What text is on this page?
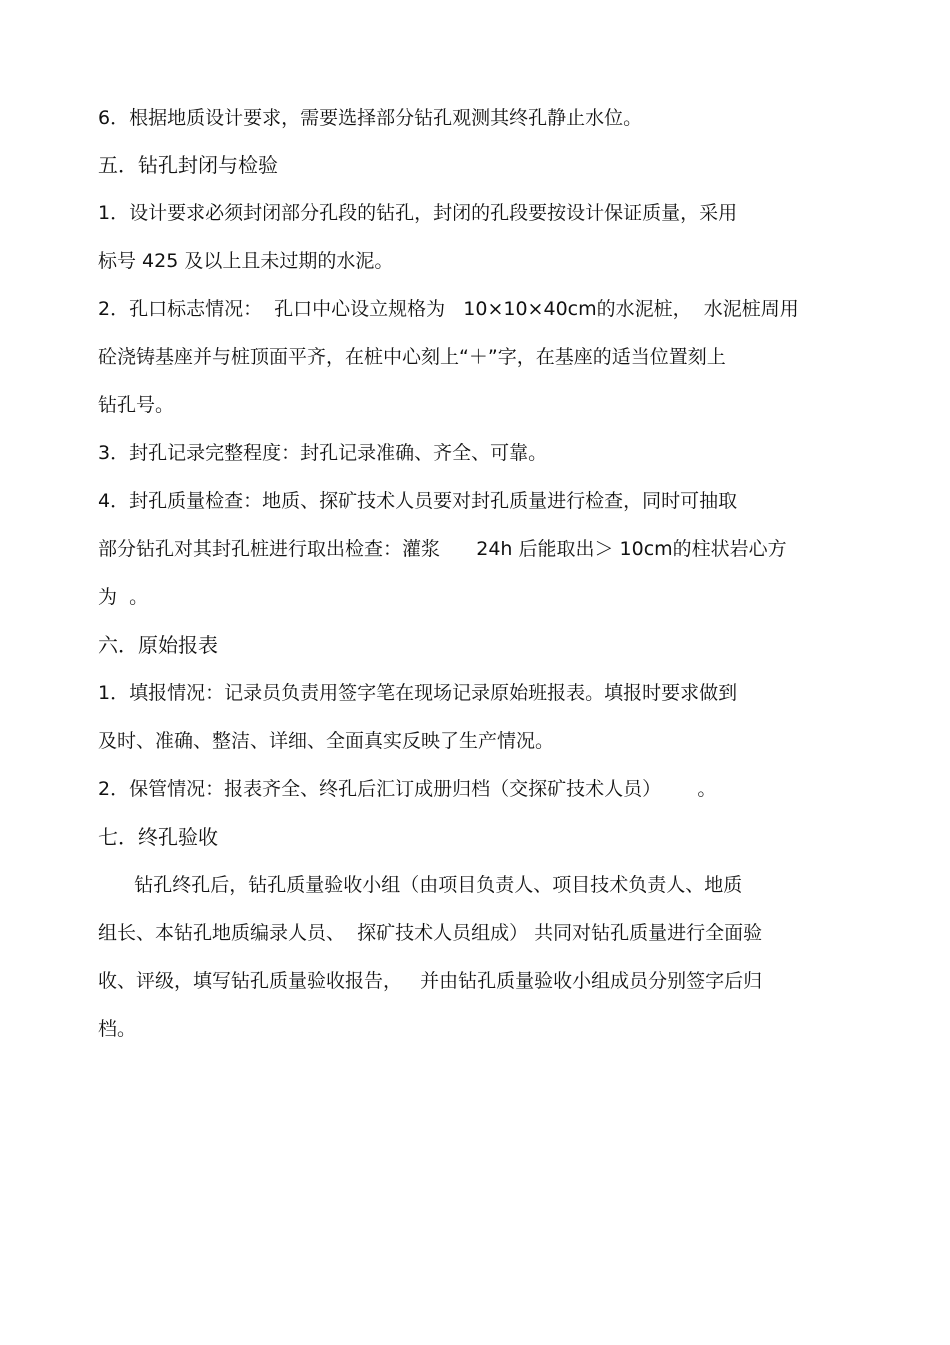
6．根据地质设计要求，需要选择部分钻孔观测其终孔静止水位。
五．钻孔封闭与检验
1．设计要求必须封闭部分孔段的钻孔，封闭的孔段要按设计保证质量，采用
标号 425 及以上且未过期的水泥。
2．孔口标志情况：  孔口中心设立规格为   10×10×40cm的水泥桩，  水泥桩周用
砼浇铸基座并与桩顶面平齐，在桩中心刻上“＋”字，在基座的适当位置刻上
钻孔号。
3．封孔记录完整程度：封孔记录准确、齐全、可靠。
4．封孔质量检查：地质、探矿技术人员要对封孔质量进行检查，同时可抽取
部分钻孔对其封孔桩进行取出检查：灌浆      24h 后能取出＞ 10cm的柱状岩心方
为  。
六．原始报表
1．填报情况：记录员负责用签字笔在现场记录原始班报表。填报时要求做到
及时、准确、整洁、详细、全面真实反映了生产情况。
2．保管情况：报表齐全、终孔后汇订成册归档（交探矿技术人员）      。
七．终孔验收
钻孔终孔后，钻孔质量验收小组（由项目负责人、项目技术负责人、地质
组长、本钻孔地质编录人员、  探矿技术人员组成） 共同对钻孔质量进行全面验
收、评级，填写钻孔质量验收报告，   并由钻孔质量验收小组成员分别签字后归
档。
